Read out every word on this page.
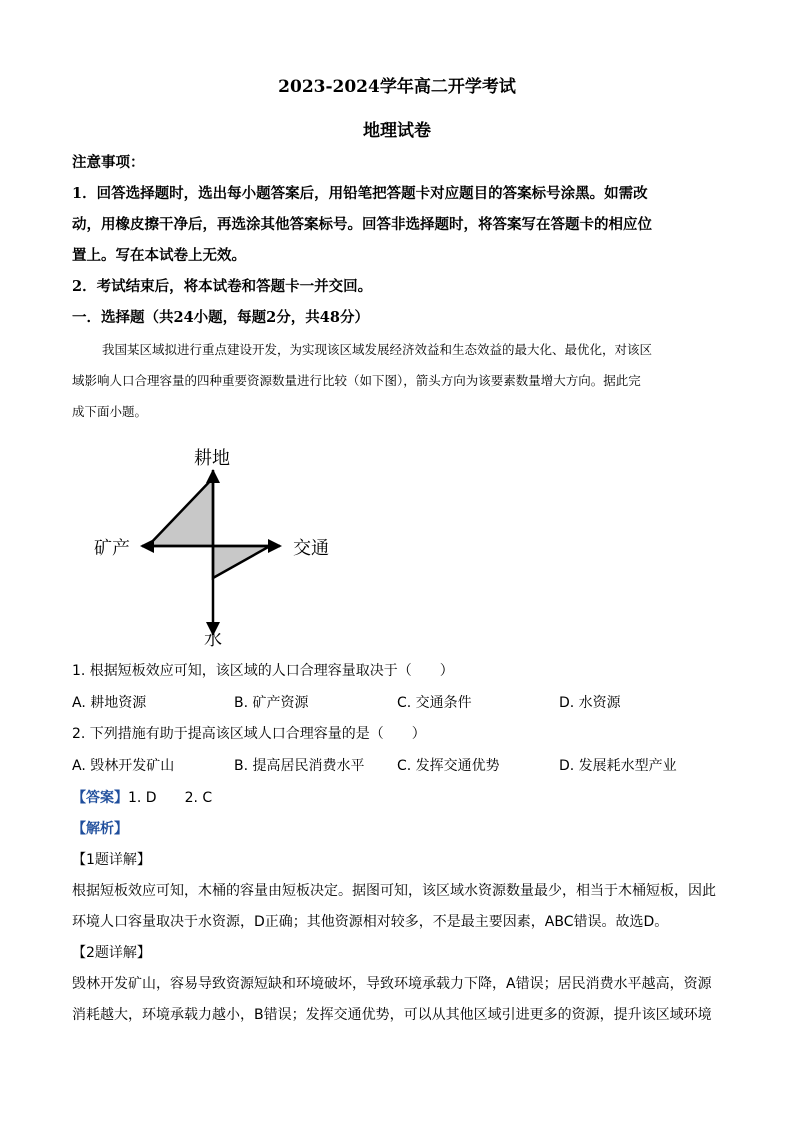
2023-2024学年高二开学考试
地理试卷
注意事项：
1．回答选择题时，选出每小题答案后，用铅笔把答题卡对应题目的答案标号涂黑。如需改
动，用橡皮擦干净后，再选涂其他答案标号。回答非选择题时，将答案写在答题卡的相应位
置上。写在本试卷上无效。
2．考试结束后，将本试卷和答题卡一并交回。
一．选择题（共24小题，每题2分，共48分）
我国某区域拟进行重点建设开发，为实现该区域发展经济效益和生态效益的最大化、最优化，对该区
域影响人口合理容量的四种重要资源数量进行比较（如下图），箭头方向为该要素数量增大方向。据此完
成下面小题。
耕地
矿产	交通
水
1. 根据短板效应可知，该区域的人口合理容量取决于（　　）
A. 耕地资源	B. 矿产资源	C. 交通条件	D. 水资源
2. 下列措施有助于提高该区域人口合理容量的是（　　）
A. 毁林开发矿山	B. 提高居民消费水平 C. 发挥交通优势	D. 发展耗水型产业
【答案】1. D　　2. C
【解析】
【1题详解】
根据短板效应可知，木桶的容量由短板决定。据图可知，该区域水资源数量最少，相当于木桶短板，因此
环境人口容量取决于水资源，D正确；其他资源相对较多，不是最主要因素，ABC错误。故选D。
【2题详解】
毁林开发矿山，容易导致资源短缺和环境破坏，导致环境承载力下降，A错误；居民消费水平越高，资源
消耗越大，环境承载力越小，B错误；发挥交通优势，可以从其他区域引进更多的资源，提升该区域环境
